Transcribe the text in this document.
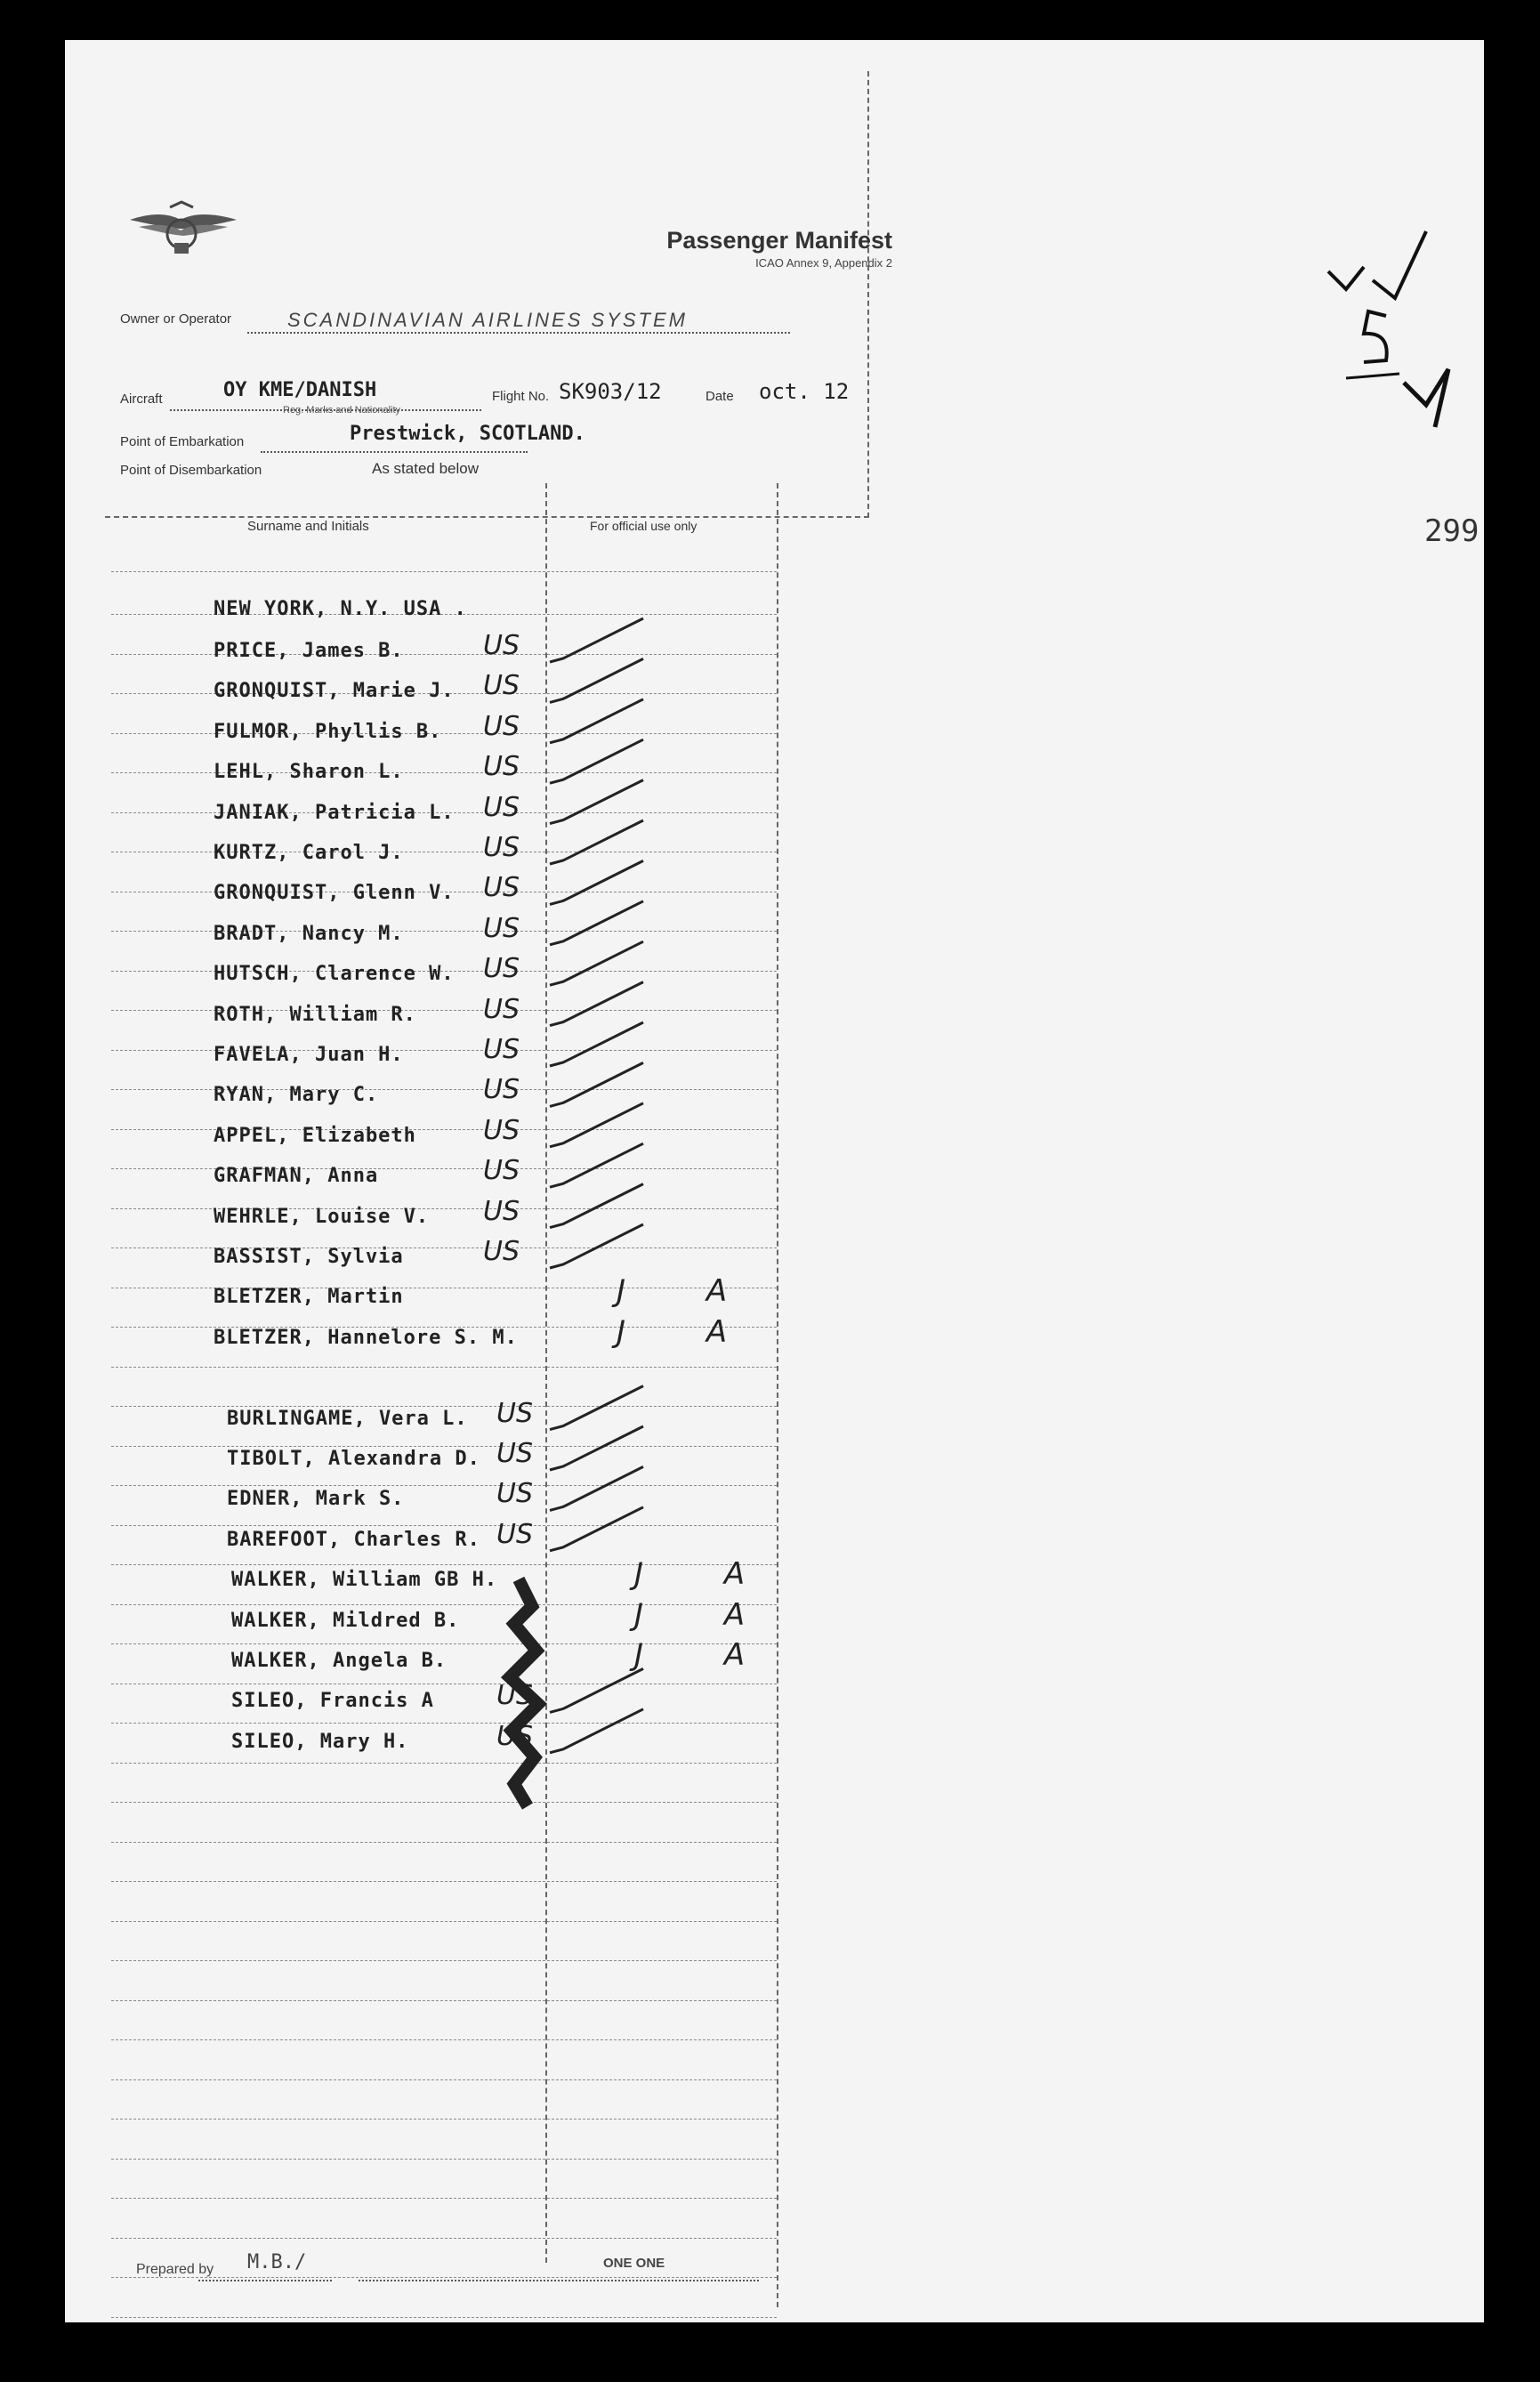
Passenger Manifest
ICAO Annex 9, Appendix 2
Owner or Operator	SCANDINAVIAN AIRLINES SYSTEM
Aircraft	OY KME/DANISH
Reg. Marks and Nationality
Flight No. SK903/12	Date oct. 12
Point of Embarkation	Prestwick, SCOTLAND.
Point of Disembarkation	As stated below
Surname and Initials	For official use only
NEW YORK, N.Y. USA .
PRICE, James B.	US
GRONQUIST, Marie J. US
FULMOR, Phyllis B. US
LEHL, Sharon L.	US
JANIAK, Patricia L. US
KURTZ, Carol J.	US
GRONQUIST, Glenn V. US
BRADT, Nancy M.	US
HUTSCH, Clarence W. US
ROTH, William R.	US
FAVELA, Juan H.	US
RYAN, Mary C.	US
APPEL, Elizabeth	US
GRAFMAN, Anna	US
WEHRLE, Louise V. US
BASSIST, Sylvia	US
BLETZER, Martin	J A
BLETZER, Hannelore S. M.	J A
BURLINGAME, Vera L. US
TIBOLT, Alexandra D. US
EDNER, Mark S.	US
BAREFOOT, Charles R. US
WALKER, William GB H.	J A
WALKER, Mildred B.	J A
WALKER, Angela B.	J A
SILEO, Francis A US
SILEO, Mary H.	US
299
Prepared by M.B./	ONE ONE
